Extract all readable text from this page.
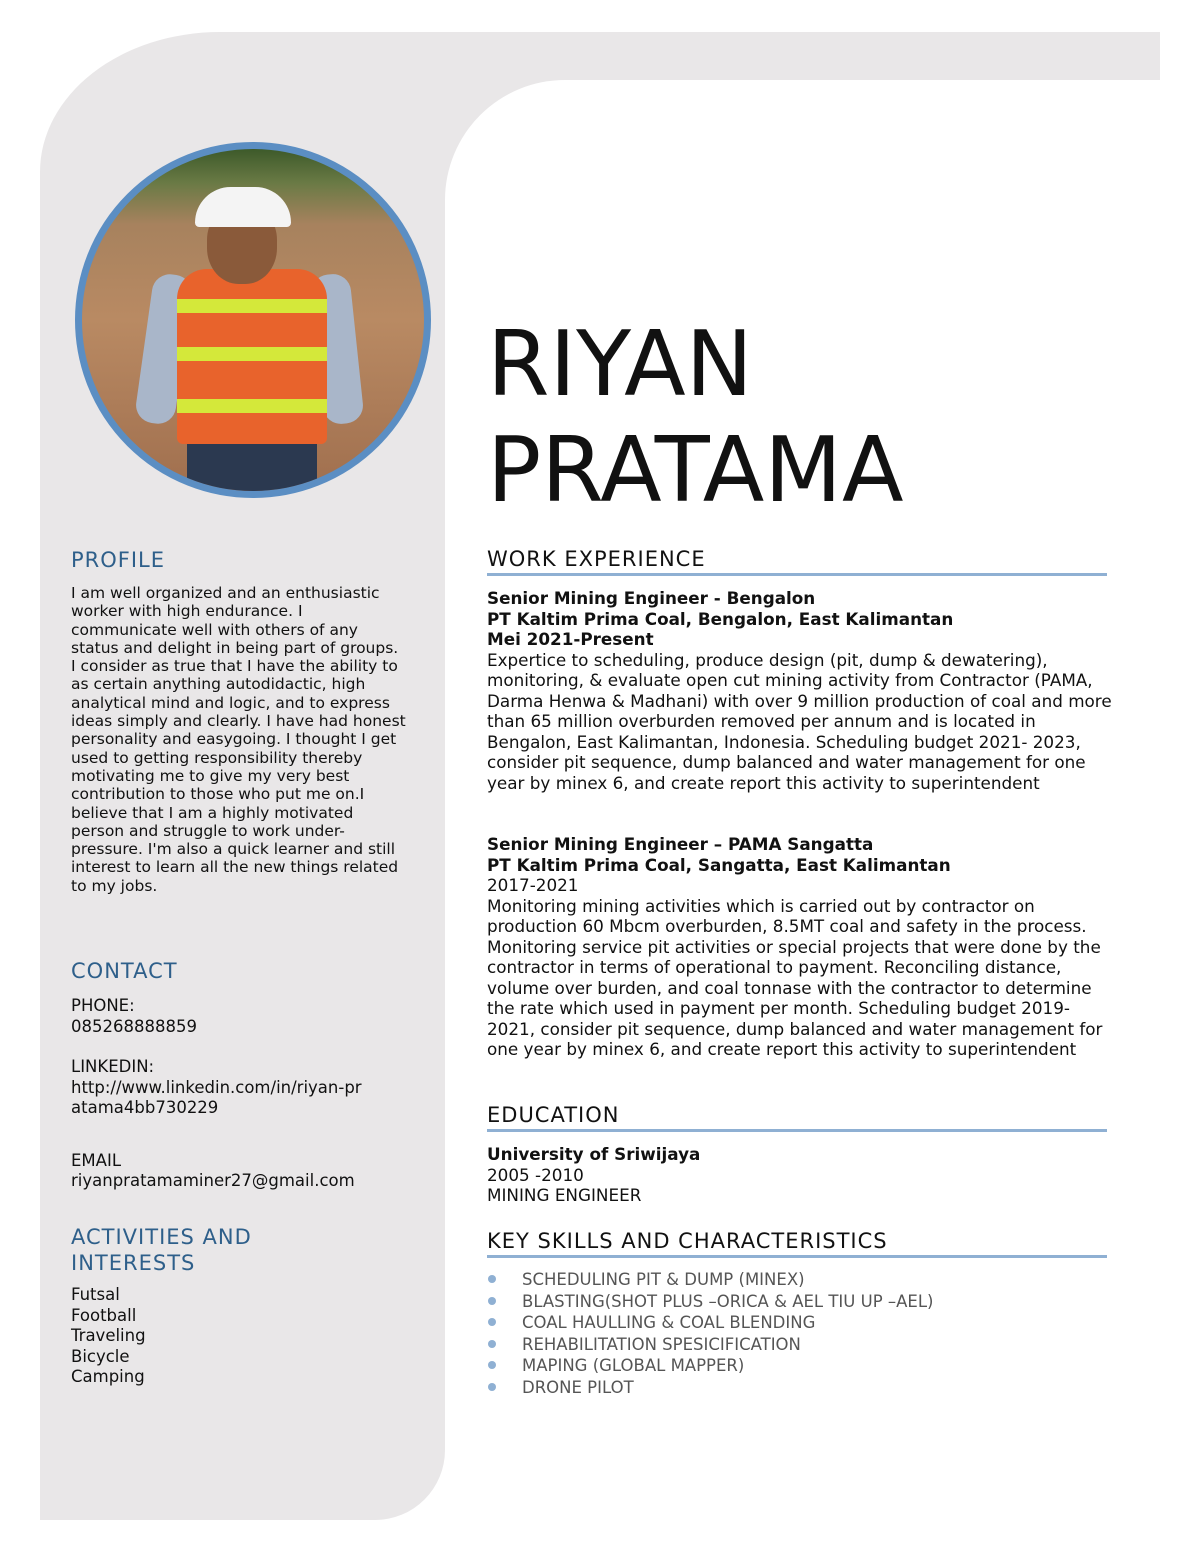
PROFILE
I am well organized and an enthusiastic worker with high endurance. I communicate well with others of any status and delight in being part of groups. I consider as true that I have the ability to as certain anything autodidactic, high analytical mind and logic, and to express ideas simply and clearly. I have had honest personality and easygoing. I thought I get used to getting responsibility thereby motivating me to give my very best contribution to those who put me on.I believe that I am a highly motivated person and struggle to work under-pressure. I'm also a quick learner and still interest to learn all the new things related to my jobs.
CONTACT
PHONE:
085268888859
LINKEDIN:
http://www.linkedin.com/in/riyan-pratama4bb730229
EMAIL
riyanpratamaminer27@gmail.com
ACTIVITIES AND INTERESTS
Futsal
Football
Traveling
Bicycle
Camping
RIYAN
PRATAMA
WORK EXPERIENCE
Senior Mining Engineer - Bengalon
PT Kaltim Prima Coal, Bengalon, East Kalimantan
Mei 2021-Present
Expertice to scheduling, produce design (pit, dump & dewatering), monitoring, & evaluate open cut mining activity from Contractor (PAMA, Darma Henwa & Madhani) with over 9 million production of coal and more than 65 million overburden removed per annum and is located in Bengalon, East Kalimantan, Indonesia. Scheduling budget 2021- 2023, consider pit sequence, dump balanced and water management for one year by minex 6, and create report this activity to superintendent
Senior Mining Engineer – PAMA Sangatta
PT Kaltim Prima Coal, Sangatta, East Kalimantan
2017-2021
Monitoring mining activities which is carried out by contractor on production 60 Mbcm overburden, 8.5MT coal and safety in the process. Monitoring service pit activities or special projects that were done by the contractor in terms of operational to payment. Reconciling distance, volume over burden, and coal tonnase with the contractor to determine the rate which used in payment per month. Scheduling budget 2019- 2021, consider pit sequence, dump balanced and water management for one year by minex 6, and create report this activity to superintendent
EDUCATION
University of Sriwijaya
2005 -2010
MINING ENGINEER
KEY SKILLS AND CHARACTERISTICS
SCHEDULING PIT & DUMP (MINEX)
BLASTING(SHOT PLUS –ORICA & AEL TIU UP –AEL)
COAL HAULLING & COAL BLENDING
REHABILITATION SPESICIFICATION
MAPING (GLOBAL MAPPER)
DRONE PILOT
